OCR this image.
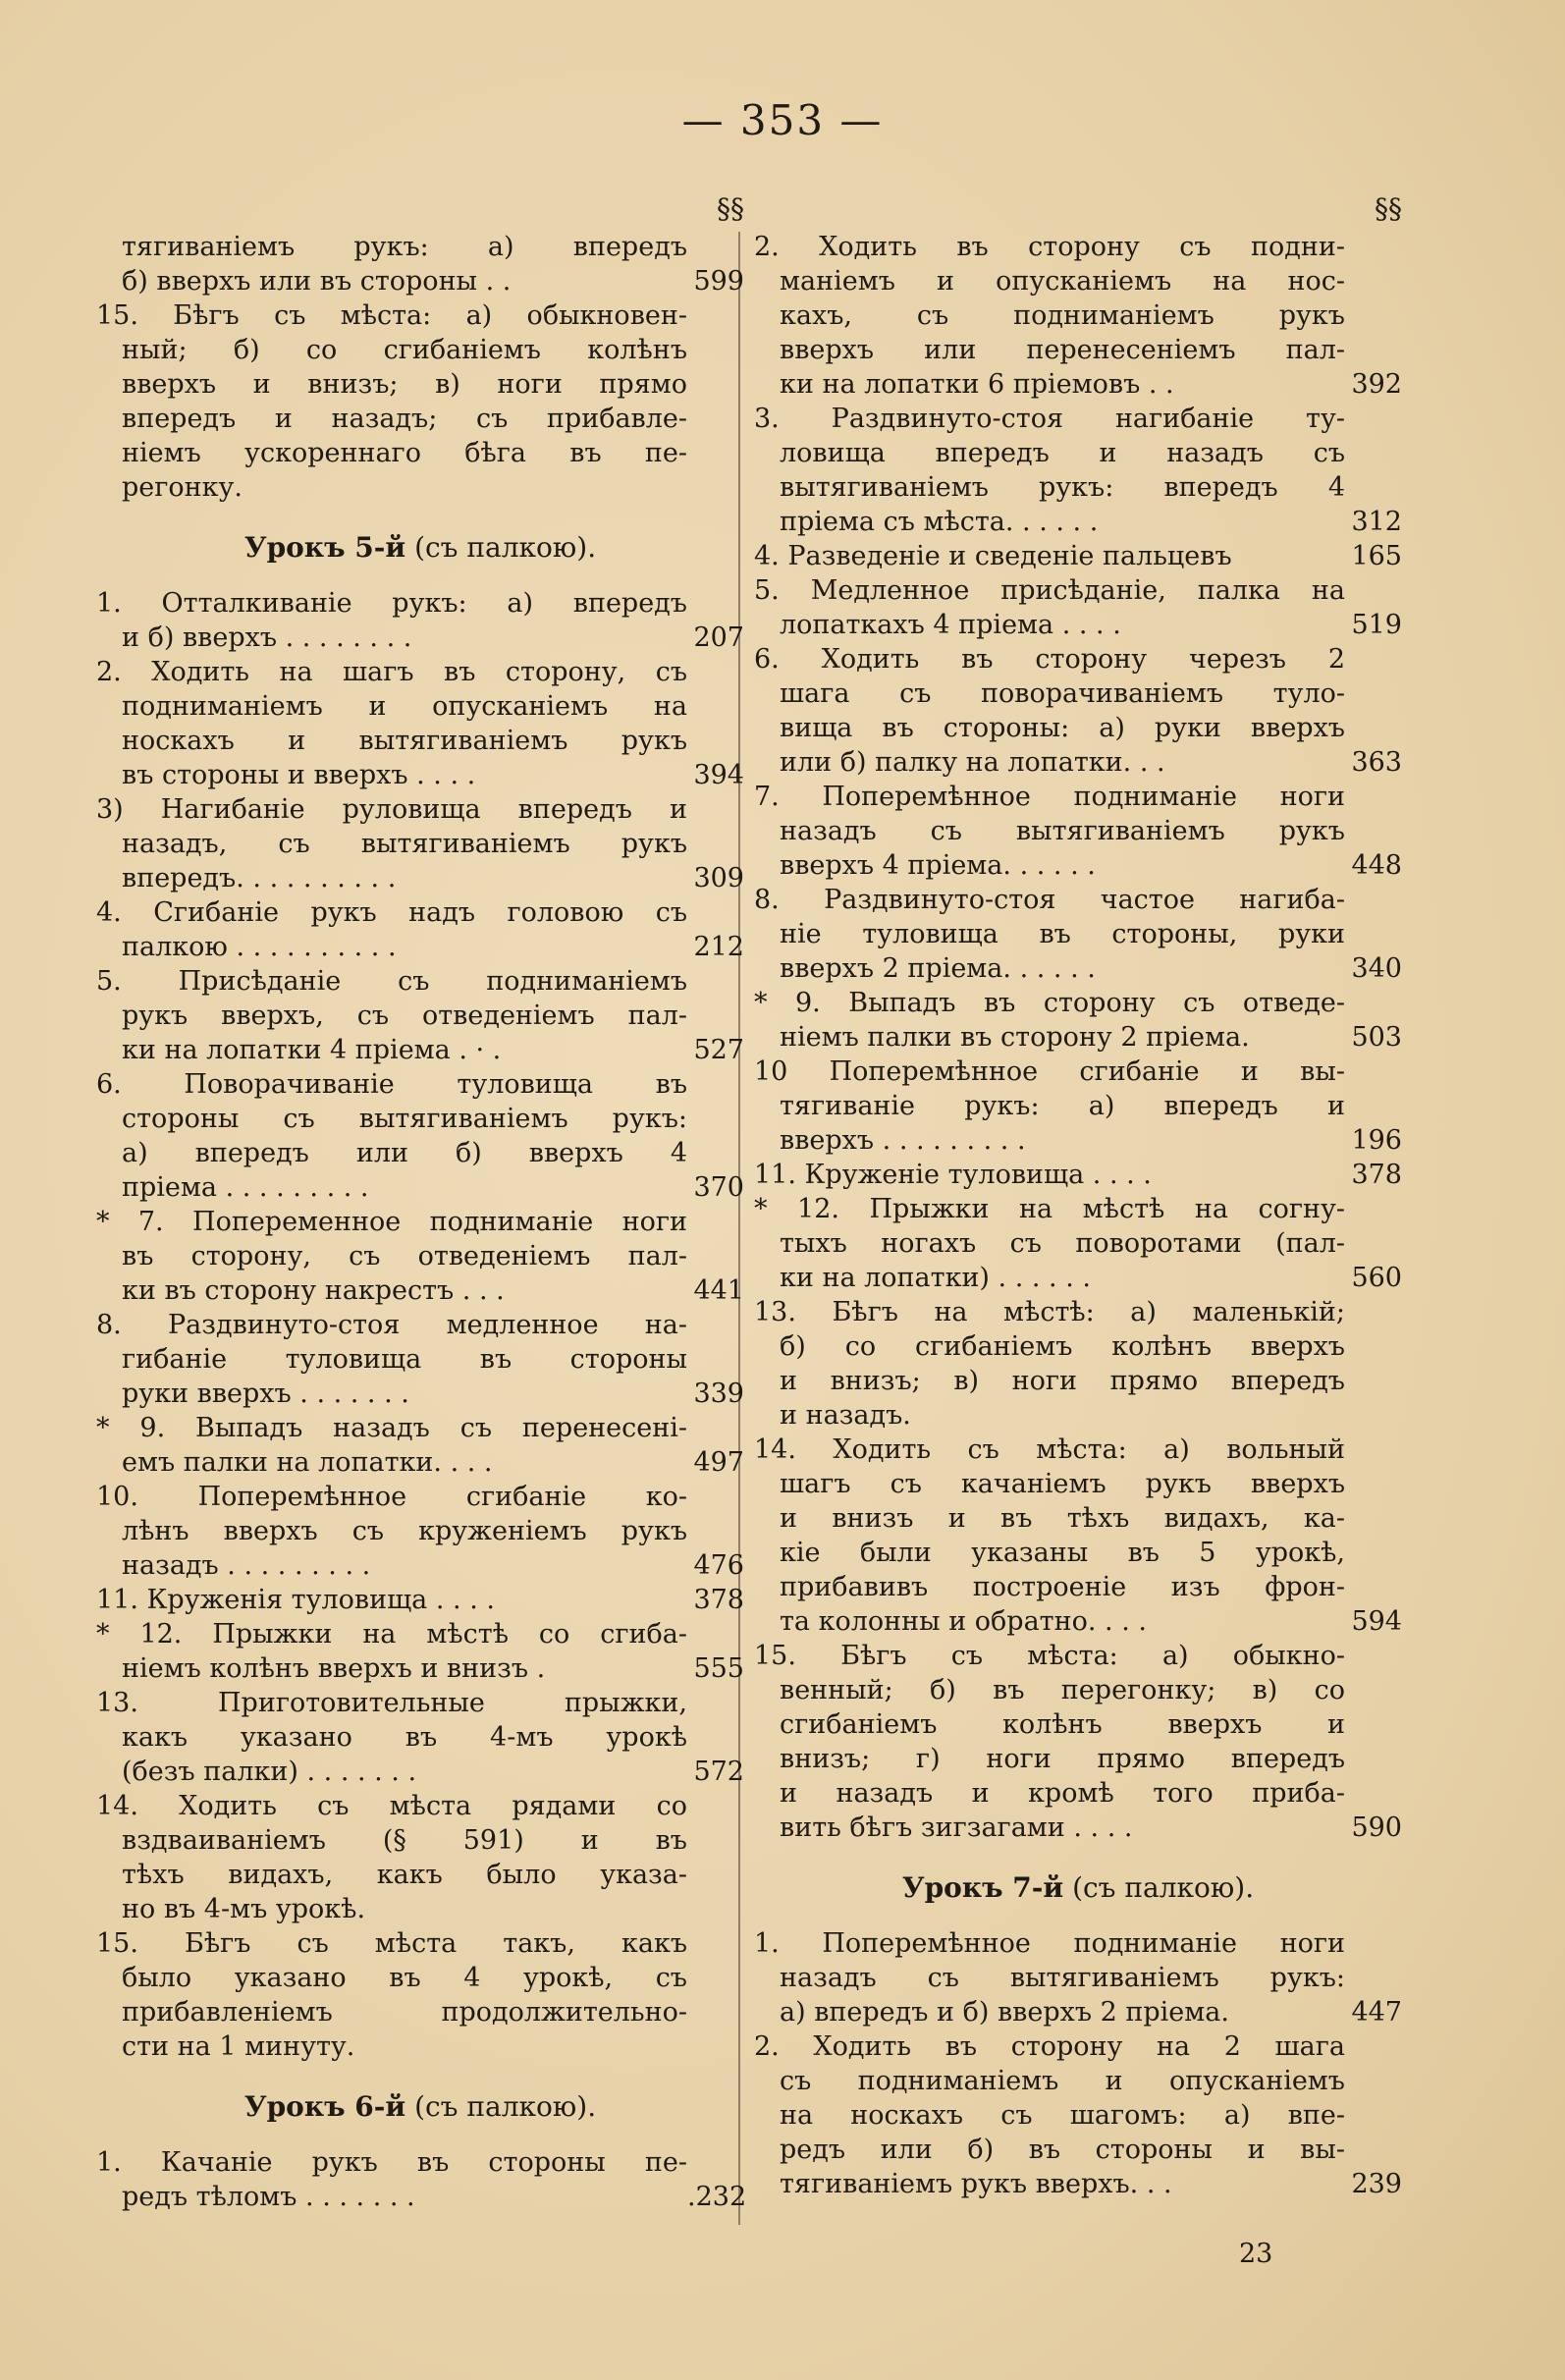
— 353 —
§§
тягиваніемъ рукъ: а) впередъ
б) вверхъ или въ стороны . .	599
15. Бѣгъ съ мѣста: а) обыкновен-
ный; б) со сгибаніемъ колѣнъ
вверхъ и внизъ; в) ноги прямо
впередъ и назадъ; съ прибавле-
ніемъ ускореннаго бѣга въ пе-
регонку.
Урокъ 5-й (съ палкою).
1. Отталкиваніе рукъ: а) впередъ
и б) вверхъ . . . . . . . .	207
2. Ходить на шагъ въ сторону, съ
подниманіемъ и опусканіемъ на
носкахъ и вытягиваніемъ рукъ
въ стороны и вверхъ . . . .	394
3) Нагибаніе руловища впередъ и
назадъ, съ вытягиваніемъ рукъ
впередъ. . . . . . . . . .	309
4. Сгибаніе рукъ надъ головою съ
палкою . . . . . . . . . .	212
5. Присѣданіе съ подниманіемъ
рукъ вверхъ, съ отведеніемъ пал-
ки на лопатки 4 пріема . · .	527
6. Поворачиваніе туловища въ
стороны съ вытягиваніемъ рукъ:
а) впередъ или б) вверхъ 4
пріема . . . . . . . . .	370
* 7. Попеременное подниманіе ноги
въ сторону, съ отведеніемъ пал-
ки въ сторону накрестъ . . .	441
8. Раздвинуто-стоя медленное на-
гибаніе туловища въ стороны
руки вверхъ . . . . . . .	339
* 9. Выпадъ назадъ съ перенесені-
емъ палки на лопатки. . . .	497
10. Поперемѣнное сгибаніе ко-
лѣнъ вверхъ съ круженіемъ рукъ
назадъ . . . . . . . . .	476
11. Круженія туловища . . . .	378
* 12. Прыжки на мѣстѣ со сгиба-
ніемъ колѣнъ вверхъ и внизъ .	555
13. Приготовительные прыжки,
какъ указано въ 4-мъ урокѣ
(безъ палки) . . . . . . .	572
14. Ходить съ мѣста рядами со
вздваиваніемъ (§ 591) и въ
тѣхъ видахъ, какъ было указа-
но въ 4-мъ урокѣ.
15. Бѣгъ съ мѣста такъ, какъ
было указано въ 4 урокѣ, съ
прибавленіемъ продолжительно-
сти на 1 минуту.
Урокъ 6-й (съ палкою).
1. Качаніе рукъ въ стороны пе-
редъ тѣломъ . . . . . . .	.232
§§
2. Ходить въ сторону съ подни-
маніемъ и опусканіемъ на нос-
кахъ, съ подниманіемъ рукъ
вверхъ или перенесеніемъ пал-
ки на лопатки 6 пріемовъ . .	392
3. Раздвинуто-стоя нагибаніе ту-
ловища впередъ и назадъ съ
вытягиваніемъ рукъ: впередъ 4
пріема съ мѣста. . . . . .	312
4. Разведеніе и сведеніе пальцевъ	165
5. Медленное присѣданіе, палка на
лопаткахъ 4 пріема . . . .	519
6. Ходить въ сторону черезъ 2
шага съ поворачиваніемъ туло-
вища въ стороны: а) руки вверхъ
или б) палку на лопатки. . .	363
7. Поперемѣнное подниманіе ноги
назадъ съ вытягиваніемъ рукъ
вверхъ 4 пріема. . . . . .	448
8. Раздвинуто-стоя частое нагиба-
ніе туловища въ стороны, руки
вверхъ 2 пріема. . . . . .	340
* 9. Выпадъ въ сторону съ отведе-
ніемъ палки въ сторону 2 пріема.	503
10 Поперемѣнное сгибаніе и вы-
тягиваніе рукъ: а) впередъ и
вверхъ . . . . . . . . .	196
11. Круженіе туловища . . . .	378
* 12. Прыжки на мѣстѣ на согну-
тыхъ ногахъ съ поворотами (пал-
ки на лопатки) . . . . . .	560
13. Бѣгъ на мѣстѣ: а) маленькій;
б) со сгибаніемъ колѣнъ вверхъ
и внизъ; в) ноги прямо впередъ
и назадъ.
14. Ходить съ мѣста: а) вольный
шагъ съ качаніемъ рукъ вверхъ
и внизъ и въ тѣхъ видахъ, ка-
кіе были указаны въ 5 урокѣ,
прибавивъ построеніе изъ фрон-
та колонны и обратно. . . .	594
15. Бѣгъ съ мѣста: а) обыкно-
венный; б) въ перегонку; в) со
сгибаніемъ колѣнъ вверхъ и
внизъ; г) ноги прямо впередъ
и назадъ и кромѣ того приба-
вить бѣгъ зигзагами . . . .	590
Урокъ 7-й (съ палкою).
1. Поперемѣнное подниманіе ноги
назадъ съ вытягиваніемъ рукъ:
а) впередъ и б) вверхъ 2 пріема.	447
2. Ходить въ сторону на 2 шага
съ подниманіемъ и опусканіемъ
на носкахъ съ шагомъ: а) впе-
редъ или б) въ стороны и вы-
тягиваніемъ рукъ вверхъ. . .	239
23
